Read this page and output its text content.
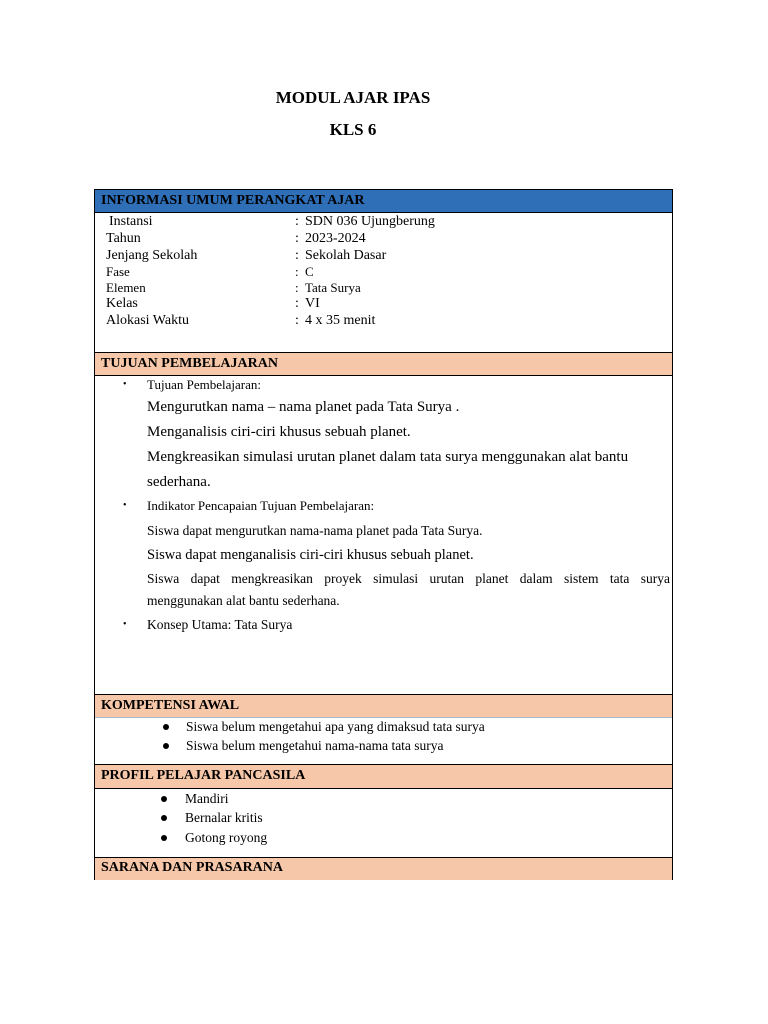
MODUL AJAR IPAS
KLS 6
INFORMASI UMUM PERANGKAT AJAR
Instansi	: SDN 036 Ujungberung
Tahun	: 2023-2024
Jenjang Sekolah	: Sekolah Dasar
Fase	: C
Elemen	: Tata Surya
Kelas	: VI
Alokasi Waktu	: 4 x 35 menit
TUJUAN PEMBELAJARAN
• Tujuan Pembelajaran:
Mengurutkan nama – nama planet pada Tata Surya .
Menganalisis ciri-ciri khusus sebuah planet.
Mengkreasikan simulasi urutan planet dalam tata surya menggunakan alat bantu
sederhana.
• Indikator Pencapaian Tujuan Pembelajaran:
Siswa dapat mengurutkan nama-nama planet pada Tata Surya.
Siswa dapat menganalisis ciri-ciri khusus sebuah planet.
Siswa dapat mengkreasikan proyek simulasi urutan planet dalam sistem tata surya
menggunakan alat bantu sederhana.
• Konsep Utama: Tata Surya
KOMPETENSI AWAL
Siswa belum mengetahui apa yang dimaksud tata surya
Siswa belum mengetahui nama-nama tata surya
PROFIL PELAJAR PANCASILA
Mandiri
Bernalar kritis
Gotong royong
SARANA DAN PRASARANA
